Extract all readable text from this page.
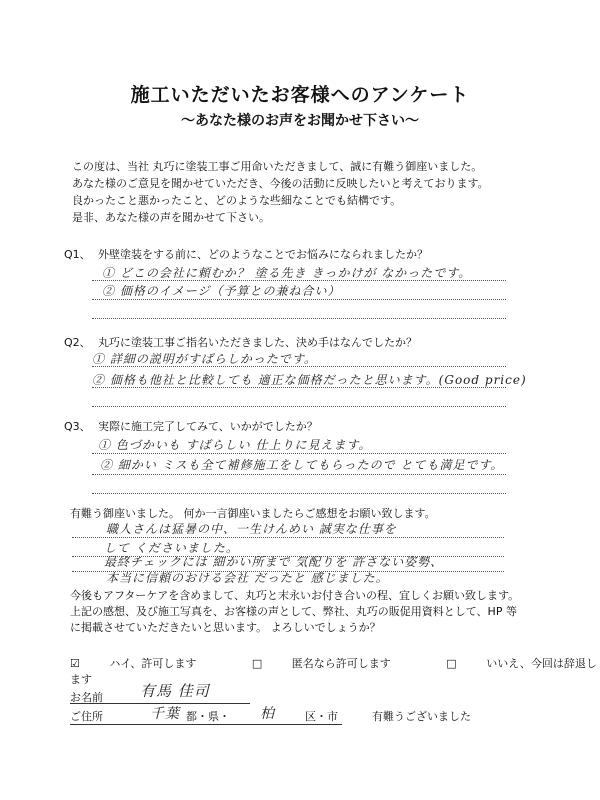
施工いただいたお客様へのアンケート
～あなた様のお声をお聞かせ下さい～
この度は、当社 丸巧に塗装工事ご用命いただきまして、誠に有難う御座いました。
あなた様のご意見を聞かせていただき、今後の活動に反映したいと考えております。
良かったこと悪かったこと、どのような些細なことでも結構です。
是非、あなた様の声を聞かせて下さい。
Q1、 外壁塗装をする前に、どのようなことでお悩みになられましたか？
① どこの会社に頼むか？ 塗る先き きっかけが なかったです。
② 価格のイメージ（予算との兼ね合い）
Q2、 丸巧に塗装工事ご指名いただきました、決め手はなんでしたか？
① 詳細の説明がすばらしかったです。
② 価格も他社と比較しても 適正な価格だったと思います。(Good price)
Q3、 実際に施工完了してみて、いかがでしたか？
① 色づかいも すばらしい 仕上りに見えます。
② 細かい ミスも全て補修施工をしてもらったので とても満足です。
有難う御座いました。 何か一言御座いましたらご感想をお願い致します。
職人さんは猛暑の中、一生けんめい 誠実な仕事を
して くださいました。
最終チェックには 細かい所まで 気配りを 許さない姿勢、
本当に信頼のおける会社 だったと 感じました。
今後もアフターケアを含めまして、丸巧と末永いお付き合いの程、宜しくお願い致します。
上記の感想、及び施工写真を、お客様の声として、弊社、丸巧の販促用資料として、HP 等
に掲載させていただきたいと思います。 よろしいでしょうか？
☑	ハイ、許可します	□	匿名なら許可します	□	いいえ、今回は辞退します
お名前 有馬 佳司
ご住所	千葉 都・県・ 柏	区・市	有難うございました
